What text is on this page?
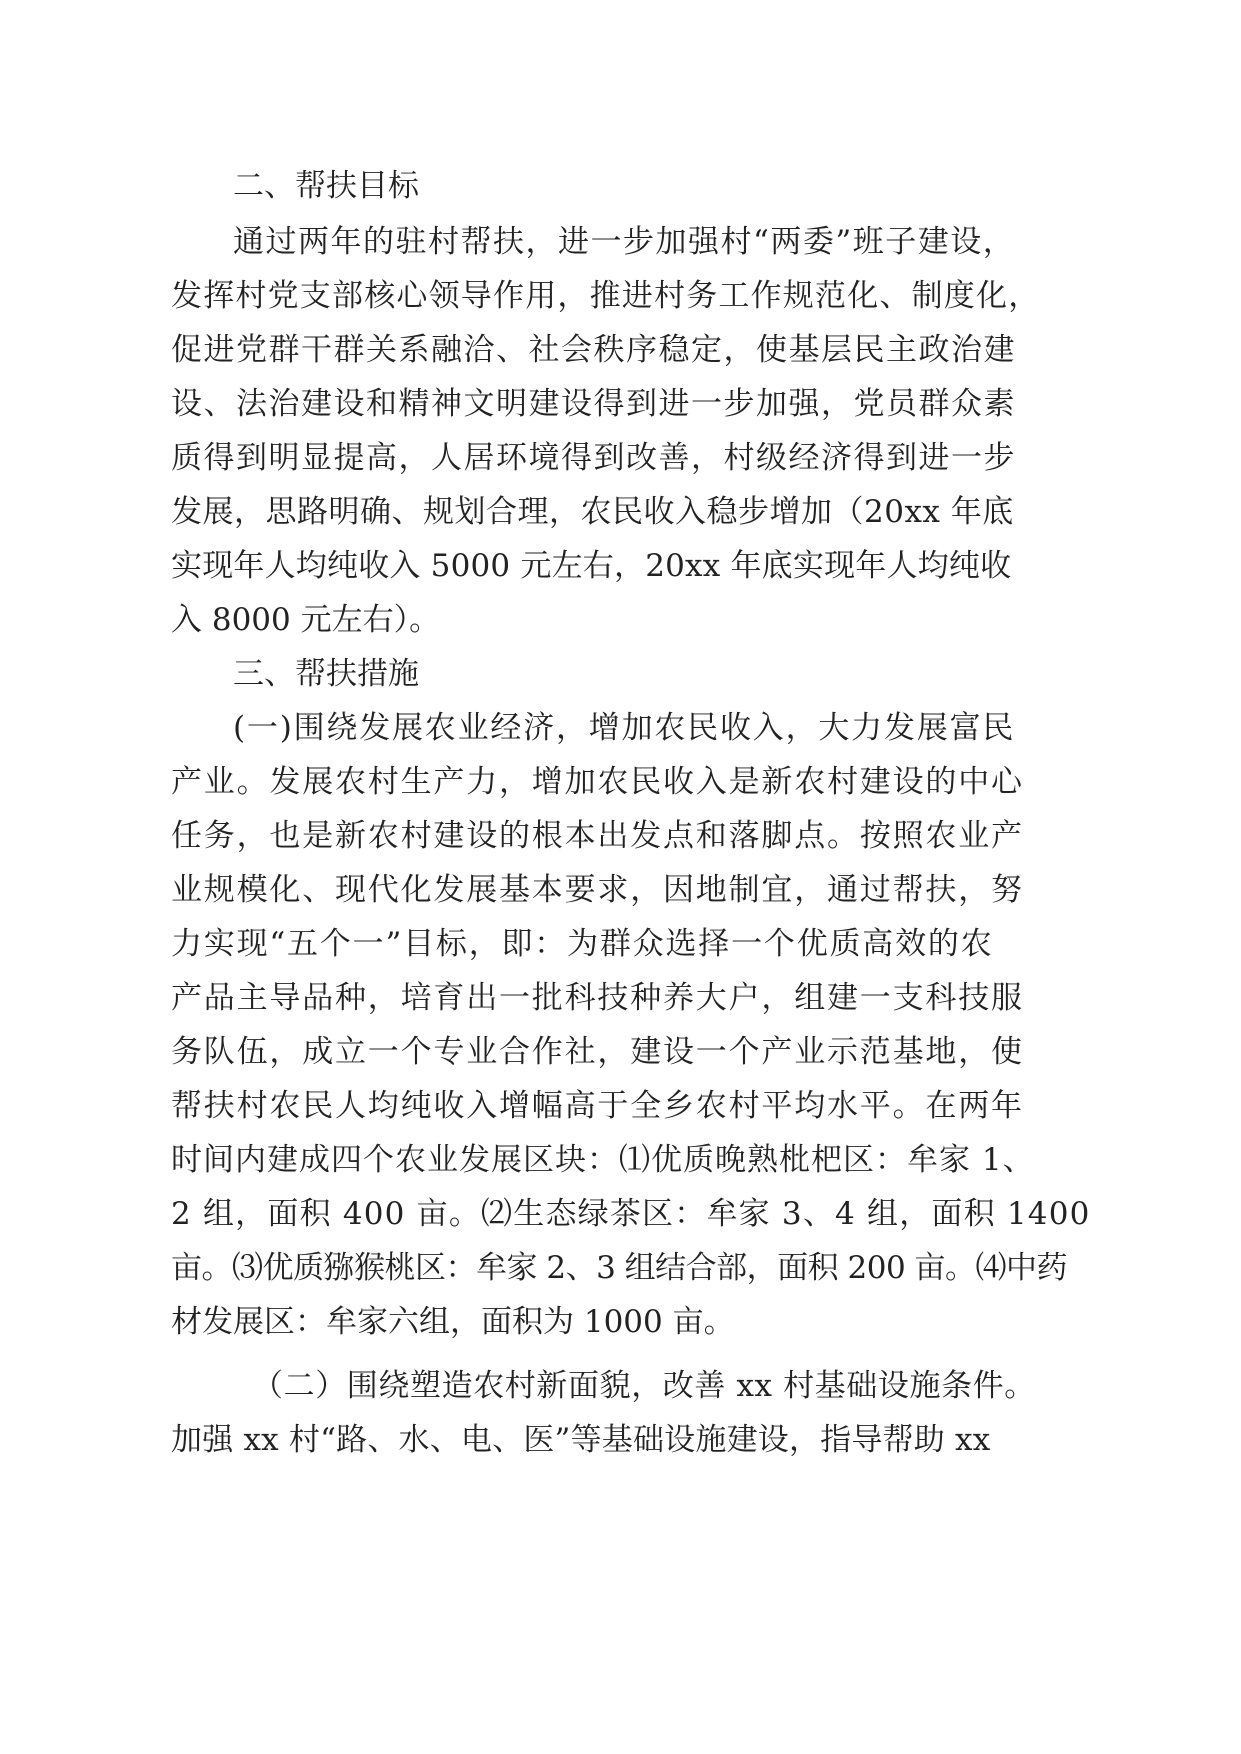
二、帮扶目标

通过两年的驻村帮扶，进一步加强村“两委”班子建设，

发挥村党支部核心领导作用，推进村务工作规范化、制度化，

促进党群干群关系融洽、社会秩序稳定，使基层民主政治建

设、法治建设和精神文明建设得到进一步加强，党员群众素

质得到明显提高，人居环境得到改善，村级经济得到进一步

发展，思路明确、规划合理，农民收入稳步增加（20xx 年底

实现年人均纯收入 5000 元左右，20xx 年底实现年人均纯收

入 8000 元左右）。

三、帮扶措施

(一)围绕发展农业经济，增加农民收入，大力发展富民

产业。发展农村生产力，增加农民收入是新农村建设的中心

任务，也是新农村建设的根本出发点和落脚点。按照农业产

业规模化、现代化发展基本要求，因地制宜，通过帮扶，努

力实现“五个一”目标，即：为群众选择一个优质高效的农

产品主导品种，培育出一批科技种养大户，组建一支科技服

务队伍，成立一个专业合作社，建设一个产业示范基地，使

帮扶村农民人均纯收入增幅高于全乡农村平均水平。在两年

时间内建成四个农业发展区块：⑴优质晚熟枇杷区：牟家 1、

2 组，面积 400 亩。⑵生态绿茶区：牟家 3、4 组，面积 1400

亩。⑶优质猕猴桃区：牟家 2、3 组结合部，面积 200 亩。⑷中药

材发展区：牟家六组，面积为 1000 亩。

（二）围绕塑造农村新面貌，改善 xx 村基础设施条件。

加强 xx 村“路、水、电、医”等基础设施建设，指导帮助 xx
